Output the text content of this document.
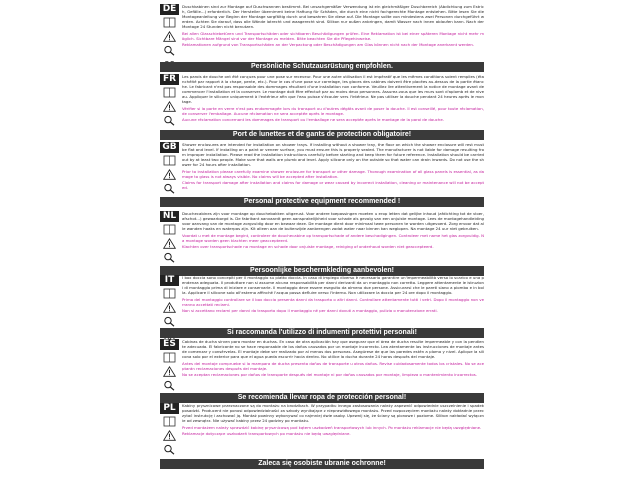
DE	Duschkabinen sind zur Montage auf Duschwannen bestimmt. Bei unsachgemäßer Verwendung ist ein gleichmäßiger Duschbereich (Abdichtung zum Estrich, Gefälle...) erforderlich. Der Hersteller übernimmt keine Haftung für Schäden, die durch eine nicht fachgerechte Montage entstehen. Bitte lesen Sie die Montageanleitung vor Beginn der Montage sorgfältig durch und bewahren Sie diese auf. Die Montage sollte von mindestens zwei Personen durchgeführt werden. Achten Sie darauf, dass alle Wände lotrecht und waagerecht sind. Silikon nur außen anbringen, damit Wasser nach innen ablaufen kann. Nach der Montage 24 Stunden nicht benutzen.

Bei allen Glasschiebetüren und Transportschäden oder sichtbaren Beschädigungen prüfen. Eine Reklamation ist bei einer späteren Montage nicht mehr möglich. Sichtbare Mängel sind vor der Montage zu melden. Bitte beachten Sie die Pflegehinweise.

Reklamationen aufgrund von Transportschäden an der Verpackung oder Beschädigungen am Glas können nicht nach der Montage anerkannt werden.

Persönliche Schutzausrüstung empfohlen.
FR	Les parois de douche ont été conçues pour une pose sur receveur. Pour une autre utilisation il est impératif que les mêmes conditions soient remplies (étanchéité par rapport à la chape, pente, etc.). Pour le cas d'une pose sur carrelage, les glaces des cabines doivent être placées au-dessus de la partie étanche. Le fabricant n'est pas responsable des dommages résultant d'une installation non conforme. Veuillez lire attentivement la notice de montage avant de commencer l'installation et la conserver. Le montage doit être effectué par au moins deux personnes. Assurez-vous que les murs sont d'aplomb et de niveau. Appliquer le silicone uniquement à l'extérieur afin que l'eau puisse s'écouler vers l'intérieur. Ne pas utiliser la douche pendant 24 heures après le montage.

Vérifier si la porte en verre n'est pas endommagée lors du transport ou d'autres dégâts avant de poser la douche. Il est conseillé, pour toute réclamation, de conserver l'emballage. Aucune réclamation ne sera acceptée après le montage.

Aucune réclamation concernant les dommages de transport ou l'emballage ne sera acceptée après le montage de la paroi de douche.

Port de lunettes et de gants de protection obligatoire!
GB	Shower enclosures are intended for installation on shower trays. If installing without a shower tray, the floor on which the shower enclosure will rest must be flat and level. If installing on a paint or veneer surface, you must ensure this is properly sealed. The manufacturer is not liable for damage resulting from improper installation. Please read the installation instructions carefully before starting and keep them for future reference. Installation should be carried out by at least two people. Make sure that walls are plumb and level. Apply silicone only on the outside so that water can drain inwards. Do not use the shower for 24 hours after installation.

Prior to installation please carefully examine shower enclosure for transport or other damage. Thorough examination of all glass panels is essential, as damage to glass is not always visible. No claims will be accepted after installation.

Claims for transport damage after installation and claims for damage or wear caused by incorrect installation, cleaning or maintenance will not be accepted.

Personal protective equipment recommended !
NL	Douchecabines zijn voor montage op douchebakken uitgerust. Voor andere toepassingen moeten u erop letten dat gelijke inhoud (afdichting tot de vloer, afschot...) gewaarborgd is. De fabrikant aanvaardt geen aansprakelijkheid voor schade als gevolg van een onjuiste montage. Lees de montagehandleiding voor aanvang van de montage zorgvuldig door en bewaar deze. De montage dient door minimaal twee personen te worden uitgevoerd. Zorg ervoor dat alle wanden haaks en waterpas zijn. Kit alleen aan de buitenzijde aanbrengen zodat water naar binnen kan weglopen. Na montage 24 uur niet gebruiken.

Voordat u met de montage begint, controleer de douchecabine op transportschade of andere beschadigingen. Controleer met name het glas zorgvuldig. Na montage worden geen klachten meer geaccepteerd.

Klachten over transportschade na montage en schade door onjuiste montage, reiniging of onderhoud worden niet geaccepteerd.

Persoonlijke beschermkleding aanbevolen!
IT	I box doccia sono concepiti per il montaggio su piatto doccia. In caso di impiego diverso è necessario garantire un'impermeabilità verso lo scarico e una pendenza adeguata. Il produttore non si assume alcuna responsabilità per danni derivanti da un montaggio non corretto. Leggere attentamente le istruzioni di montaggio prima di iniziare e conservarle. Il montaggio deve essere eseguito da almeno due persone. Assicurarsi che le pareti siano a piombo e in bolla. Applicare il silicone solo all'esterno affinché l'acqua possa defluire verso l'interno. Non utilizzare la doccia per 24 ore dopo il montaggio.

Prima del montaggio controllare se il box doccia presenta danni da trasporto o altri danni. Controllare attentamente tutti i vetri. Dopo il montaggio non verranno accettati reclami.

Non si accettano reclami per danni da trasporto dopo il montaggio né per danni dovuti a montaggio, pulizia o manutenzione errati.

Si raccomanda l'utilizzo di indumenti protettivi personali!
ES	Cabinas de ducha sirven para montar en duchas. En caso de otra aplicación hay que asegurar que el área de ducha resulte impermeable y con la pendiente adecuada. El fabricante no se hace responsable de los daños causados por un montaje incorrecto. Lea atentamente las instrucciones de montaje antes de comenzar y consérvelas. El montaje debe ser realizado por al menos dos personas. Asegúrese de que las paredes estén a plomo y nivel. Aplique la silicona solo por el exterior para que el agua pueda escurrir hacia dentro. No utilice la ducha durante 24 horas después del montaje.

Antes del montaje compruebe si la mampara de ducha presenta daños de transporte u otros daños. Revise cuidadosamente todos los cristales. No se aceptarán reclamaciones después del montaje.

No se aceptan reclamaciones por daños de transporte después del montaje ni por daños causados por montaje, limpieza o mantenimiento incorrectos.

Se recomienda llevar ropa de protección personal!
PL	Kabiny prysznicowe przeznaczone są do montażu na brodzikach. W przypadku innego zastosowania należy zapewnić odpowiednie uszczelnienie i spadek posadzki. Producent nie ponosi odpowiedzialności za szkody wynikające z nieprawidłowego montażu. Przed rozpoczęciem montażu należy dokładnie przeczytać instrukcję i zachować ją. Montaż powinny wykonywać co najmniej dwie osoby. Upewnij się, że ściany są pionowe i poziome. Silikon nakładać wyłącznie od zewnątrz. Nie używać kabiny przez 24 godziny po montażu.

Przed montażem należy sprawdzić kabinę prysznicową pod kątem uszkodzeń transportowych lub innych. Po montażu reklamacje nie będą uwzględniane.

Reklamacje dotyczące uszkodzeń transportowych po montażu nie będą uwzględniane.

Zaleca się osobiste ubranie ochronne!
